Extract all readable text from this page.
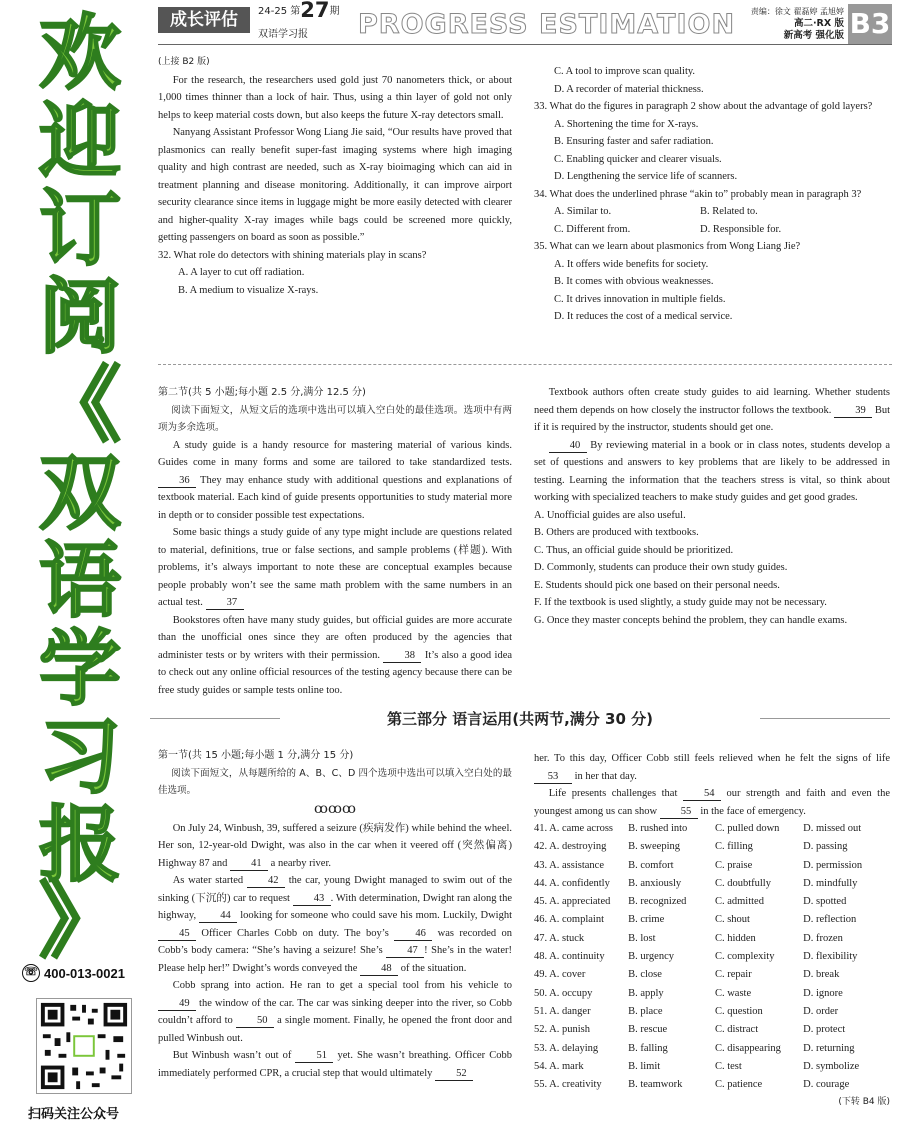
欢
迎
订
阅
《
双
语
学
习
报
》
☏ 400-013-0021
扫码关注公众号
成长评估	24-25 第27期
双语学习报 PROGRESS ESTIMATION	责编：徐文 翟磊婷 孟旭婷
高二·RX 版
新高考 强化版 B3

(上接 B2 版)

For the research, the researchers used gold just 70 nanometers thick, or about 1,000 times thinner than a lock of hair. Thus, using a thin layer of gold not only helps to keep material costs down, but also keeps the future X-ray detectors small.

Nanyang Assistant Professor Wong Liang Jie said, “Our results have proved that plasmonics can really benefit super-fast imaging systems where high imaging quality and high contrast are needed, such as X-ray bioimaging which can aid in treatment planning and disease monitoring. Additionally, it can improve airport security clearance since items in luggage might be more easily detected with clearer and higher-quality X-ray images while bags could be screened more quickly, getting passengers on board as soon as possible.”

32. What role do detectors with shining materials play in scans?

A. A layer to cut off radiation.

B. A medium to visualize X-rays.

C. A tool to improve scan quality.

D. A recorder of material thickness.

33. What do the figures in paragraph 2 show about the advantage of gold layers?

A. Shortening the time for X-rays.

B. Ensuring faster and safer radiation.

C. Enabling quicker and clearer visuals.

D. Lengthening the service life of scanners.

34. What does the underlined phrase “akin to” probably mean in paragraph 3?

A. Similar to.	B. Related to.
C. Different from.	D. Responsible for.

35. What can we learn about plasmonics from Wong Liang Jie?

A. It offers wide benefits for society.

B. It comes with obvious weaknesses.

C. It drives innovation in multiple fields.

D. It reduces the cost of a medical service.

第二节(共 5 小题;每小题 2.5 分,满分 12.5 分)

阅读下面短文，从短文后的选项中选出可以填入空白处的最佳选项。选项中有两项为多余选项。

A study guide is a handy resource for mastering material of various kinds. Guides come in many forms and some are tailored to take standardized tests. 36 They may enhance study with additional questions and explanations of textbook material. Each kind of guide presents opportunities to study material more in depth or to consider possible test expectations.

Some basic things a study guide of any type might include are questions related to material, definitions, true or false sections, and sample problems (样题). With problems, it’s always important to note these are conceptual examples because people probably won’t see the same math problem with the same numbers in an actual test. 37

Bookstores often have many study guides, but official guides are more accurate than the unofficial ones since they are often produced by the agencies that administer tests or by writers with their permission. 38 It’s also a good idea to check out any online official resources of the testing agency because there can be free study guides or sample tests online too.

Textbook authors often create study guides to aid learning. Whether students need them depends on how closely the instructor follows the textbook. 39 But if it is required by the instructor, students should get one.

40 By reviewing material in a book or in class notes, students develop a set of questions and answers to key problems that are likely to be addressed in testing. Learning the information that the teachers stress is vital, so think about working with specialized teachers to make study guides and get good grades.

A. Unofficial guides are also useful.

B. Others are produced with textbooks.

C. Thus, an official guide should be prioritized.

D. Commonly, students can produce their own study guides.

E. Students should pick one based on their personal needs.

F. If the textbook is used slightly, a study guide may not be necessary.

G. Once they master concepts behind the problem, they can handle exams.

第三部分 语言运用(共两节,满分 30 分)

第一节(共 15 小题;每小题 1 分,满分 15 分)

阅读下面短文，从每题所给的 A、B、C、D 四个选项中选出可以填入空白处的最佳选项。

ꝏꝏꝏ

On July 24, Winbush, 39, suffered a seizure (疾病发作) while behind the wheel. Her son, 12-year-old Dwight, was also in the car when it veered off (突然偏离) Highway 87 and 41 a nearby river.

As water started 42 the car, young Dwight managed to swim out of the sinking (下沉的) car to request 43 . With determination, Dwight ran along the highway, 44 looking for someone who could save his mom. Luckily, Dwight 45 Officer Charles Cobb on duty. The boy’s	46 was recorded on Cobb’s body camera: “She’s having a seizure! She’s 47 ! She’s in the water! Please help her!” Dwight’s words conveyed the 48 of the situation.

Cobb sprang into action. He ran to get a special tool from his vehicle to 49 the window of the car. The car was sinking deeper into the river, so Cobb couldn’t afford to 50 a single moment. Finally, he opened the front door and pulled Winbush out.

But Winbush wasn’t out of 51 yet. She wasn’t breathing. Officer Cobb immediately performed CPR, a crucial step that would ultimately 52

her. To this day, Officer Cobb still feels relieved when he felt the signs of life 53 in her that day.

Life presents challenges that	54 our strength and faith and even the youngest among us can show 55 in the face of emergency.

41. A. came across	B. rushed into	C. pulled down	D. missed out
42. A. destroying	B. sweeping	C. filling	D. passing
43. A. assistance	B. comfort	C. praise	D. permission
44. A. confidently	B. anxiously	C. doubtfully	D. mindfully
45. A. appreciated	B. recognized	C. admitted	D. spotted
46. A. complaint	B. crime	C. shout	D. reflection
47. A. stuck	B. lost	C. hidden	D. frozen
48. A. continuity	B. urgency	C. complexity	D. flexibility
49. A. cover	B. close	C. repair	D. break
50. A. occupy	B. apply	C. waste	D. ignore
51. A. danger	B. place	C. question	D. order
52. A. punish	B. rescue	C. distract	D. protect
53. A. delaying	B. falling	C. disappearing	D. returning
54. A. mark	B. limit	C. test	D. symbolize
55. A. creativity	B. teamwork	C. patience	D. courage

(下转 B4 版)
